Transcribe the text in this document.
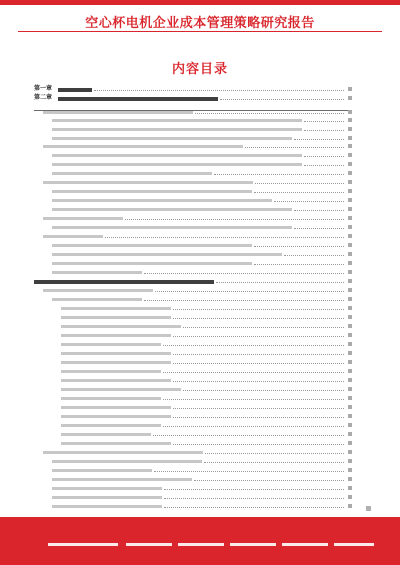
空心杯电机企业成本管理策略研究报告
内容目录
第一章
第二章
